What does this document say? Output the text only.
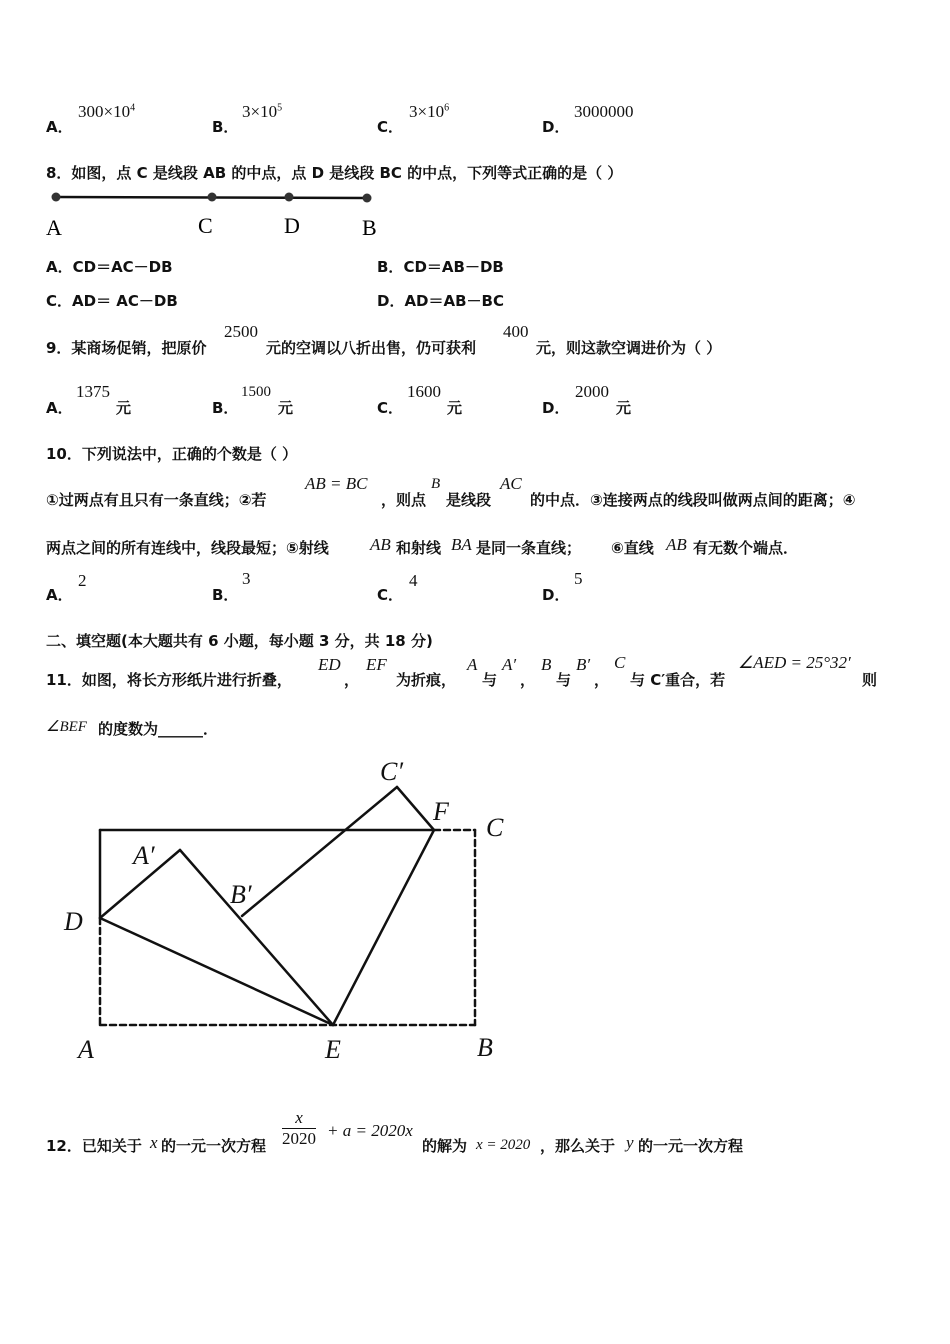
A．
$300\times 10^4$
B．
$3\times 10^5$
C．
$3\times 10^6$
D．
3000000
8．如图，点 C 是线段 AB 的中点，点 D 是线段 BC 的中点，下列等式正确的是（ ）
A	C	D	B
A．CD＝AC－DB	B．CD＝AB－DB
C．AD＝ AC－DB	D．AD＝AB－BC
9．某商场促销，把原价
2500
元的空调以八折出售，仍可获利
400
元，则这款空调进价为（ ）
A．
1375
元	B．
1500
元	C．
1600
元	D．
2000
元
10．下列说法中，正确的个数是（ ）
①过两点有且只有一条直线；②若
AB = BC
，则点
B
是线段
AC
的中点．③连接两点的线段叫做两点间的距离；④
两点之间的所有连线中，线段最短；⑤射线 AB 和射线 BA 是同一条直线； ⑥直线 AB 有无数个端点．
A．
2
B．
3
C．
4
D．
5
二、填空题(本大题共有 6 小题，每小题 3 分，共 18 分)
11．如图，将长方形纸片进行折叠，
ED
，
EF
为折痕，
A
与
A′
，
B
与
B′
，
C
与 C′重合，若
∠AED = 25°32′
则
∠BEF 的度数为______．
C′
F
C
A′
B′
D
A	E	B
12．已知关于 x 的一元一次方程 $\frac{x}{2020} + a = 2020x$
的解为 x = 2020 ，那么关于 y 的一元一次方程
